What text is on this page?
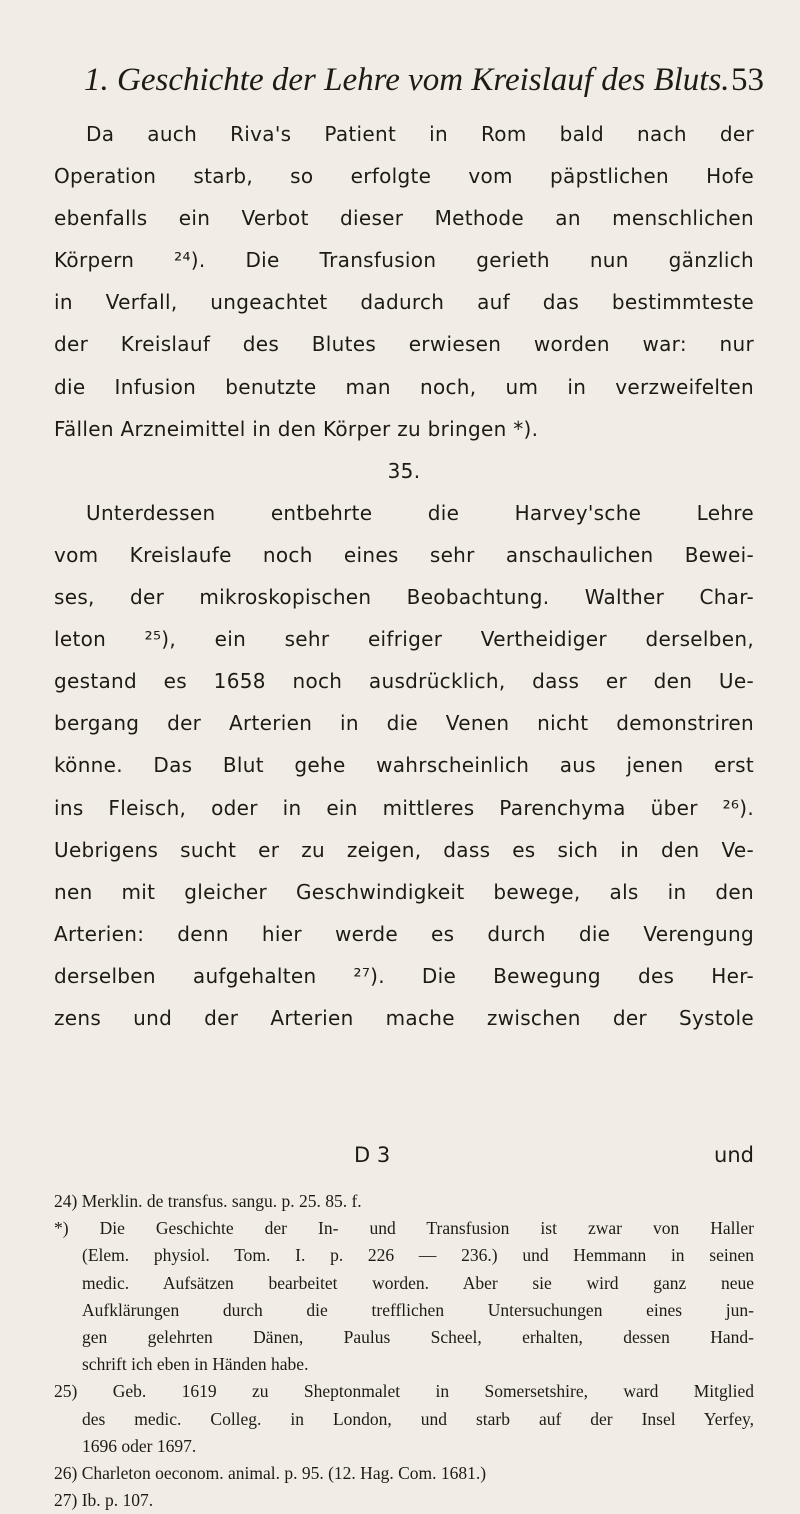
1. Geschichte der Lehre vom Kreislauf des Bluts. 53
Da auch Riva's Patient in Rom bald nach der
Operation starb, so erfolgte vom päpstlichen Hofe
ebenfalls ein Verbot dieser Methode an menschlichen
Körpern ²⁴). Die Transfusion gerieth nun gänzlich
in Verfall, ungeachtet dadurch auf das bestimmteste
der Kreislauf des Blutes erwiesen worden war: nur
die Infusion benutzte man noch, um in verzweifelten
Fällen Arzneimittel in den Körper zu bringen *).
35.
Unterdessen entbehrte die Harvey'sche Lehre
vom Kreislaufe noch eines sehr anschaulichen Bewei-
ses, der mikroskopischen Beobachtung. Walther Char-
leton ²⁵), ein sehr eifriger Vertheidiger derselben,
gestand es 1658 noch ausdrücklich, dass er den Ue-
bergang der Arterien in die Venen nicht demonstriren
könne. Das Blut gehe wahrscheinlich aus jenen erst
ins Fleisch, oder in ein mittleres Parenchyma über ²⁶).
Uebrigens sucht er zu zeigen, dass es sich in den Ve-
nen mit gleicher Geschwindigkeit bewege, als in den
Arterien: denn hier werde es durch die Verengung
derselben aufgehalten ²⁷). Die Bewegung des Her-
zens und der Arterien mache zwischen der Systole
D 3	und
24) Merklin. de transfus. sangu. p. 25. 85. f.
*) Die Geschichte der In- und Transfusion ist zwar von Haller
(Elem. physiol. Tom. I. p. 226 — 236.) und Hemmann in seinen
medic. Aufsätzen bearbeitet worden. Aber sie wird ganz neue
Aufklärungen durch die trefflichen Untersuchungen eines jun-
gen gelehrten Dänen, Paulus Scheel, erhalten, dessen Hand-
schrift ich eben in Händen habe.
25) Geb. 1619 zu Sheptonmalet in Somersetshire, ward Mitglied
des medic. Colleg. in London, und starb auf der Insel Yerfey,
1696 oder 1697.
26) Charleton oeconom. animal. p. 95. (12. Hag. Com. 1681.)
27) Ib. p. 107.
